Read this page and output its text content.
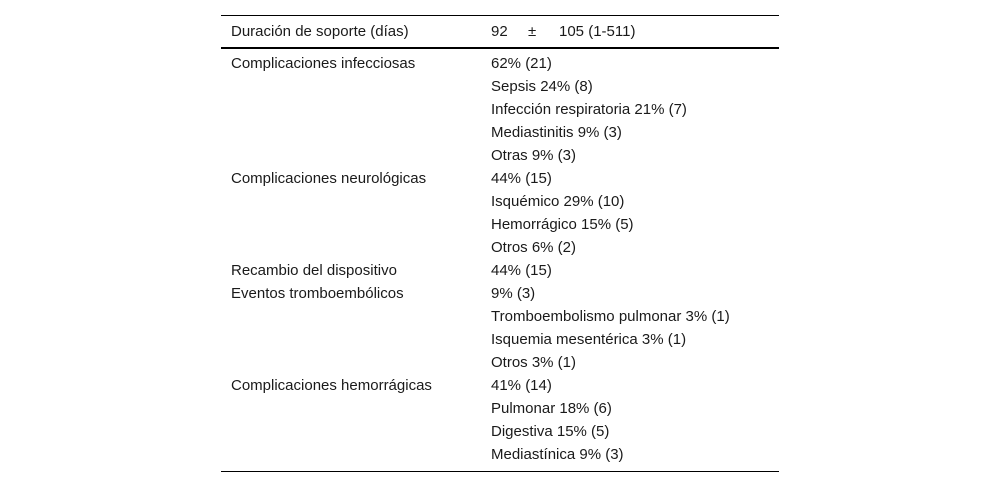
Duración de soporte (días)	92 ± 105 (1-511)
Complicaciones infecciosas	62% (21)
Sepsis 24% (8)
Infección respiratoria 21% (7)
Mediastinitis 9% (3)
Otras 9% (3)
Complicaciones neurológicas	44% (15)
Isquémico 29% (10)
Hemorrágico 15% (5)
Otros 6% (2)
Recambio del dispositivo	44% (15)
Eventos tromboembólicos	9% (3)
Tromboembolismo pulmonar 3% (1)
Isquemia mesentérica 3% (1)
Otros 3% (1)
Complicaciones hemorrágicas	41% (14)
Pulmonar 18% (6)
Digestiva 15% (5)
Mediastínica 9% (3)
